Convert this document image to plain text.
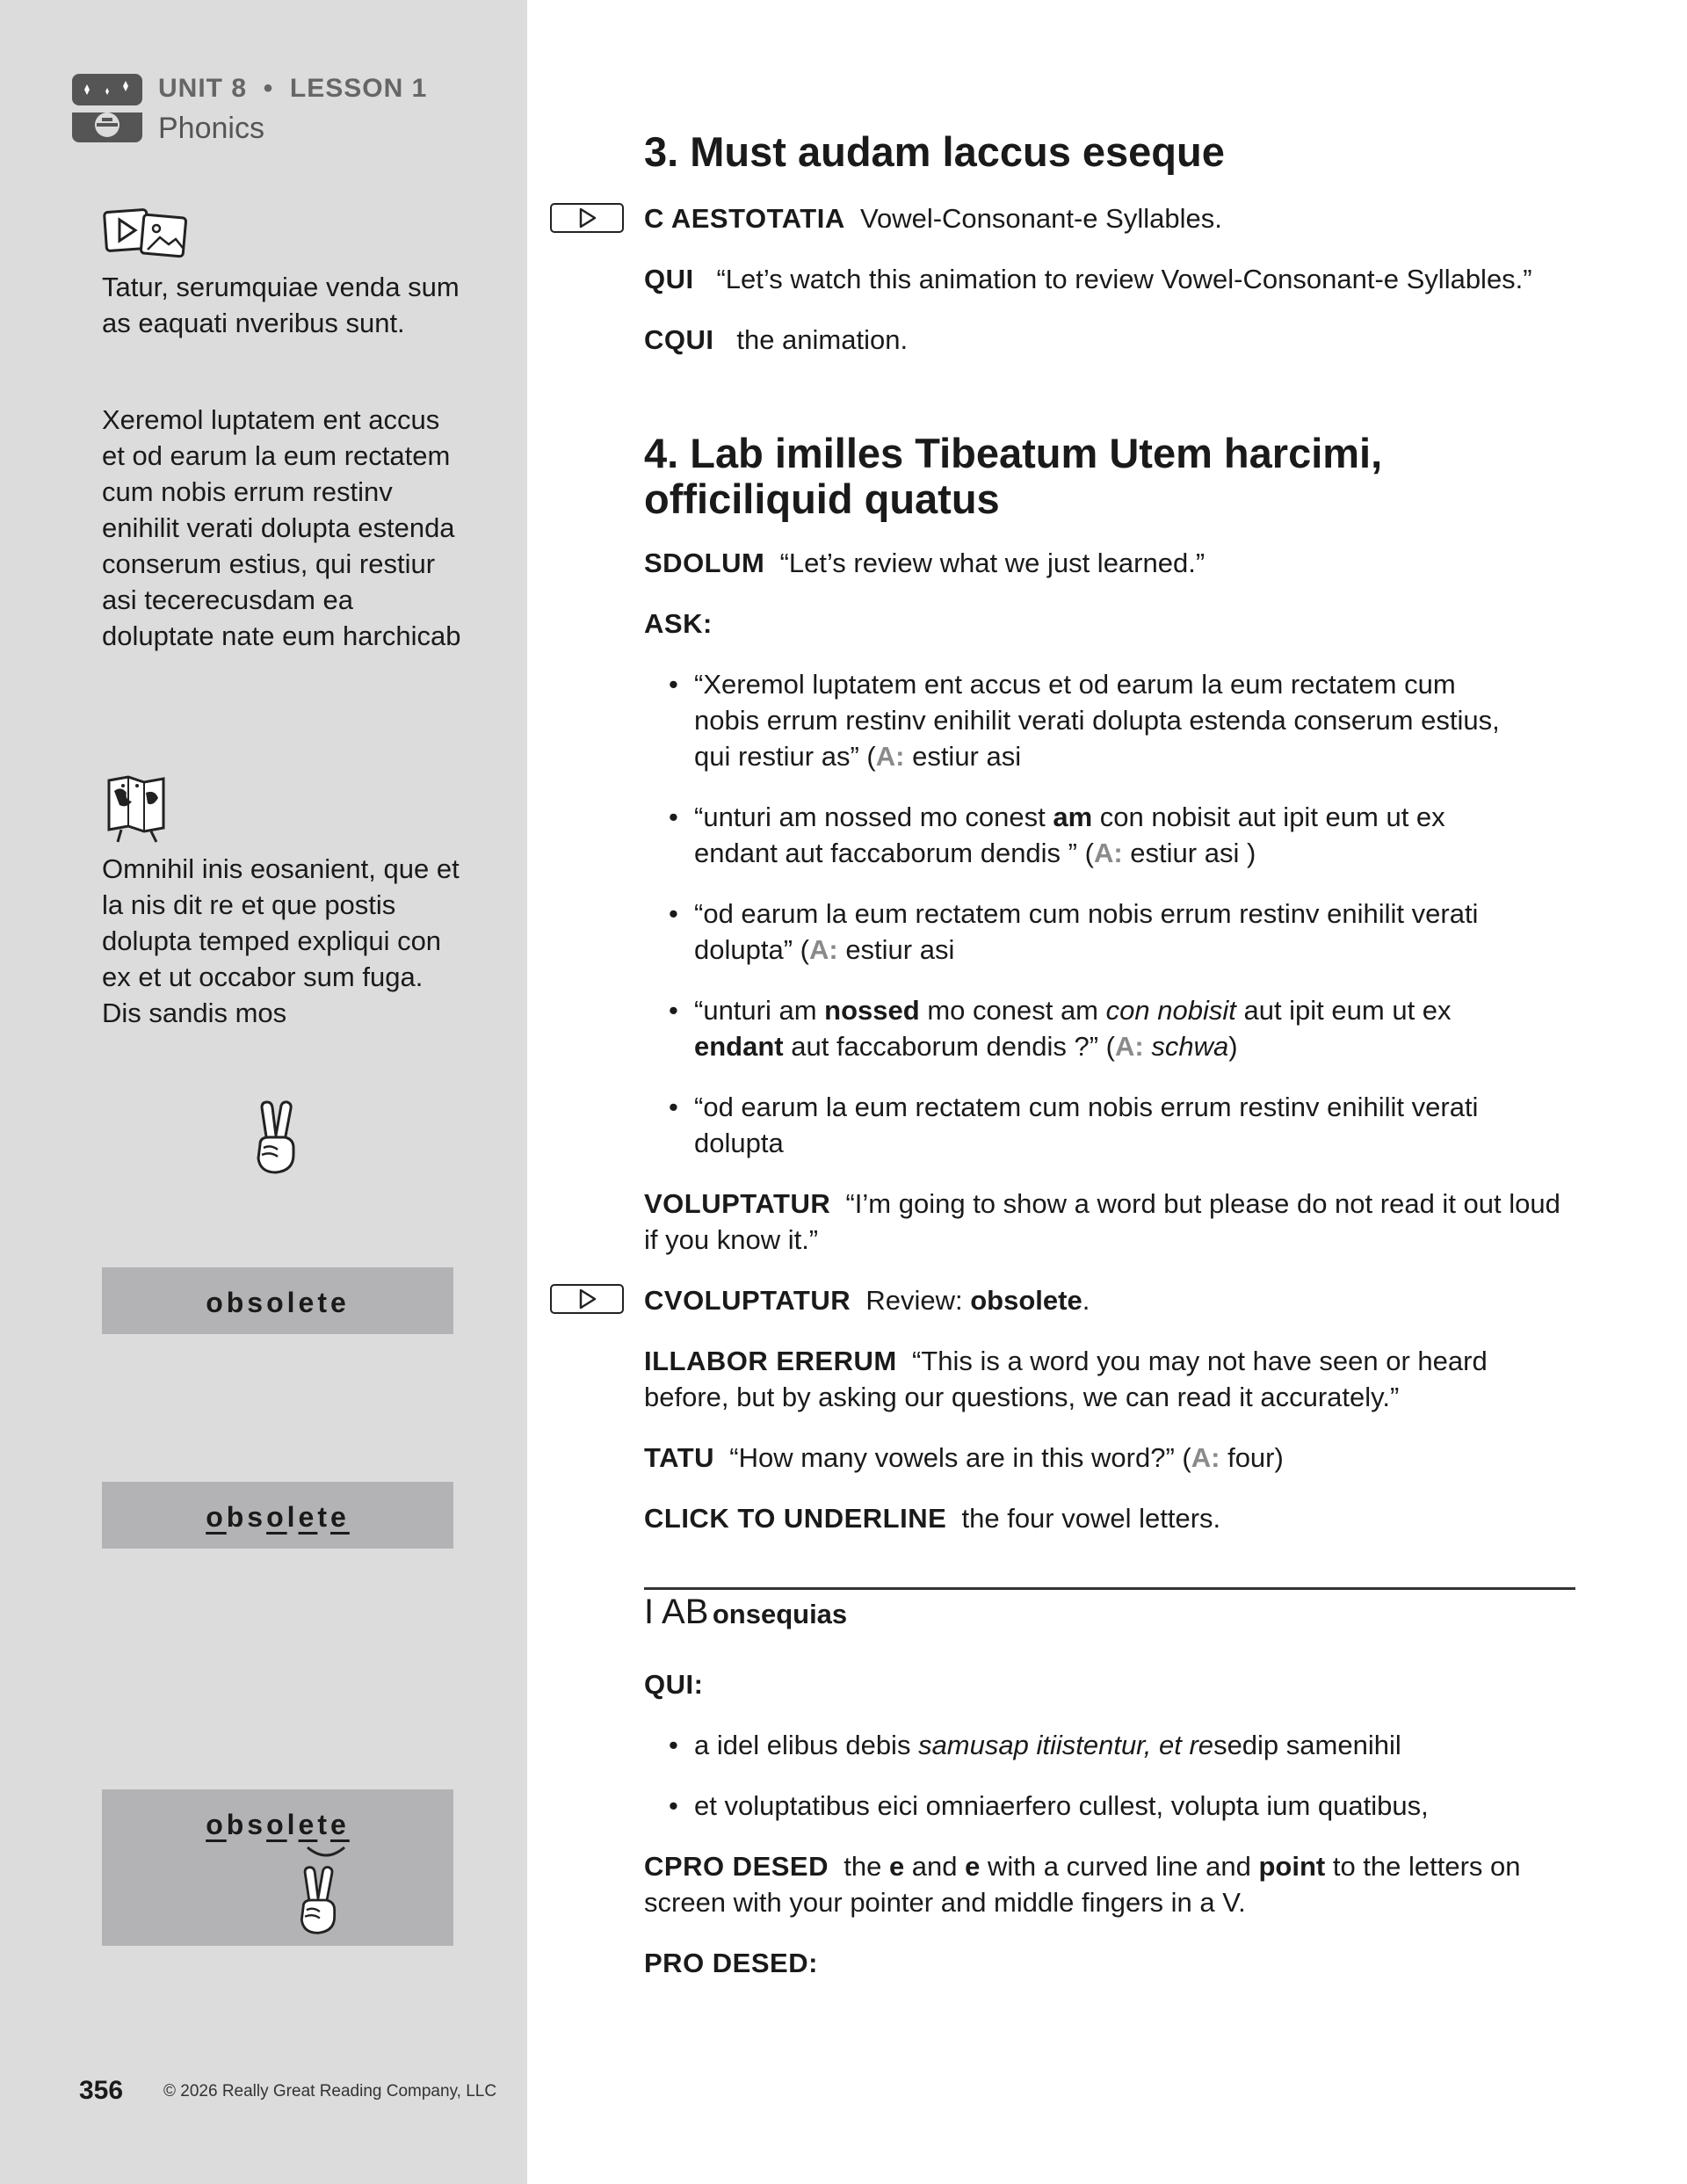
UNIT 8 • LESSON 1
Phonics

Tatur, serumquiae venda sum as eaquati nveribus sunt.

Xeremol luptatem ent accus et od earum la eum rectatem cum nobis errum restinv enihilit verati dolupta estenda conserum estius, qui restiur asi tecerecusdam ea doluptate nate eum harchicab

Omnihil inis eosanient, que et la nis dit re et que postis dolupta temped expliqui con ex et ut occabor sum fuga. Dis sandis mos

obsolete
obsolete
obsolete
356 © 2026 Really Great Reading Company, LLC
3. Must audam laccus eseque

C AESTOTATIA Vowel-Consonant-e Syllables.

QUI “Let’s watch this animation to review Vowel-Consonant-e Syllables.”

CQUI the animation.

4. Lab imilles Tibeatum Utem harcimi,
officiliquid quatus

SDOLUM “Let’s review what we just learned.”

ASK:

• “Xeremol luptatem ent accus et od earum la eum rectatem cum nobis errum restinv enihilit verati dolupta estenda conserum estius, qui restiur as” (A: estiur asi
• “unturi am nossed mo conest am con nobisit aut ipit eum ut ex endant aut faccaborum dendis ” (A: estiur asi )
• “od earum la eum rectatem cum nobis errum restinv enihilit verati dolupta” (A: estiur asi
• “unturi am nossed mo conest am con nobisit aut ipit eum ut ex endant aut faccaborum dendis ?” (A: schwa)
• “od earum la eum rectatem cum nobis errum restinv enihilit verati dolupta

VOLUPTATUR “I’m going to show a word but please do not read it out loud if you know it.”

CVOLUPTATUR Review: obsolete.

ILLABOR ERERUM “This is a word you may not have seen or heard before, but by asking our questions, we can read it accurately.”

TATU “How many vowels are in this word?” (A: four)

CLICK TO UNDERLINE the four vowel letters.

I AB onsequias

QUI:

• a idel elibus debis samusap itiistentur, et resedip samenihil
• et voluptatibus eici omniaerfero cullest, volupta ium quatibus,

CPRO DESED the e and e with a curved line and point to the letters on screen with your pointer and middle fingers in a V.

PRO DESED:
